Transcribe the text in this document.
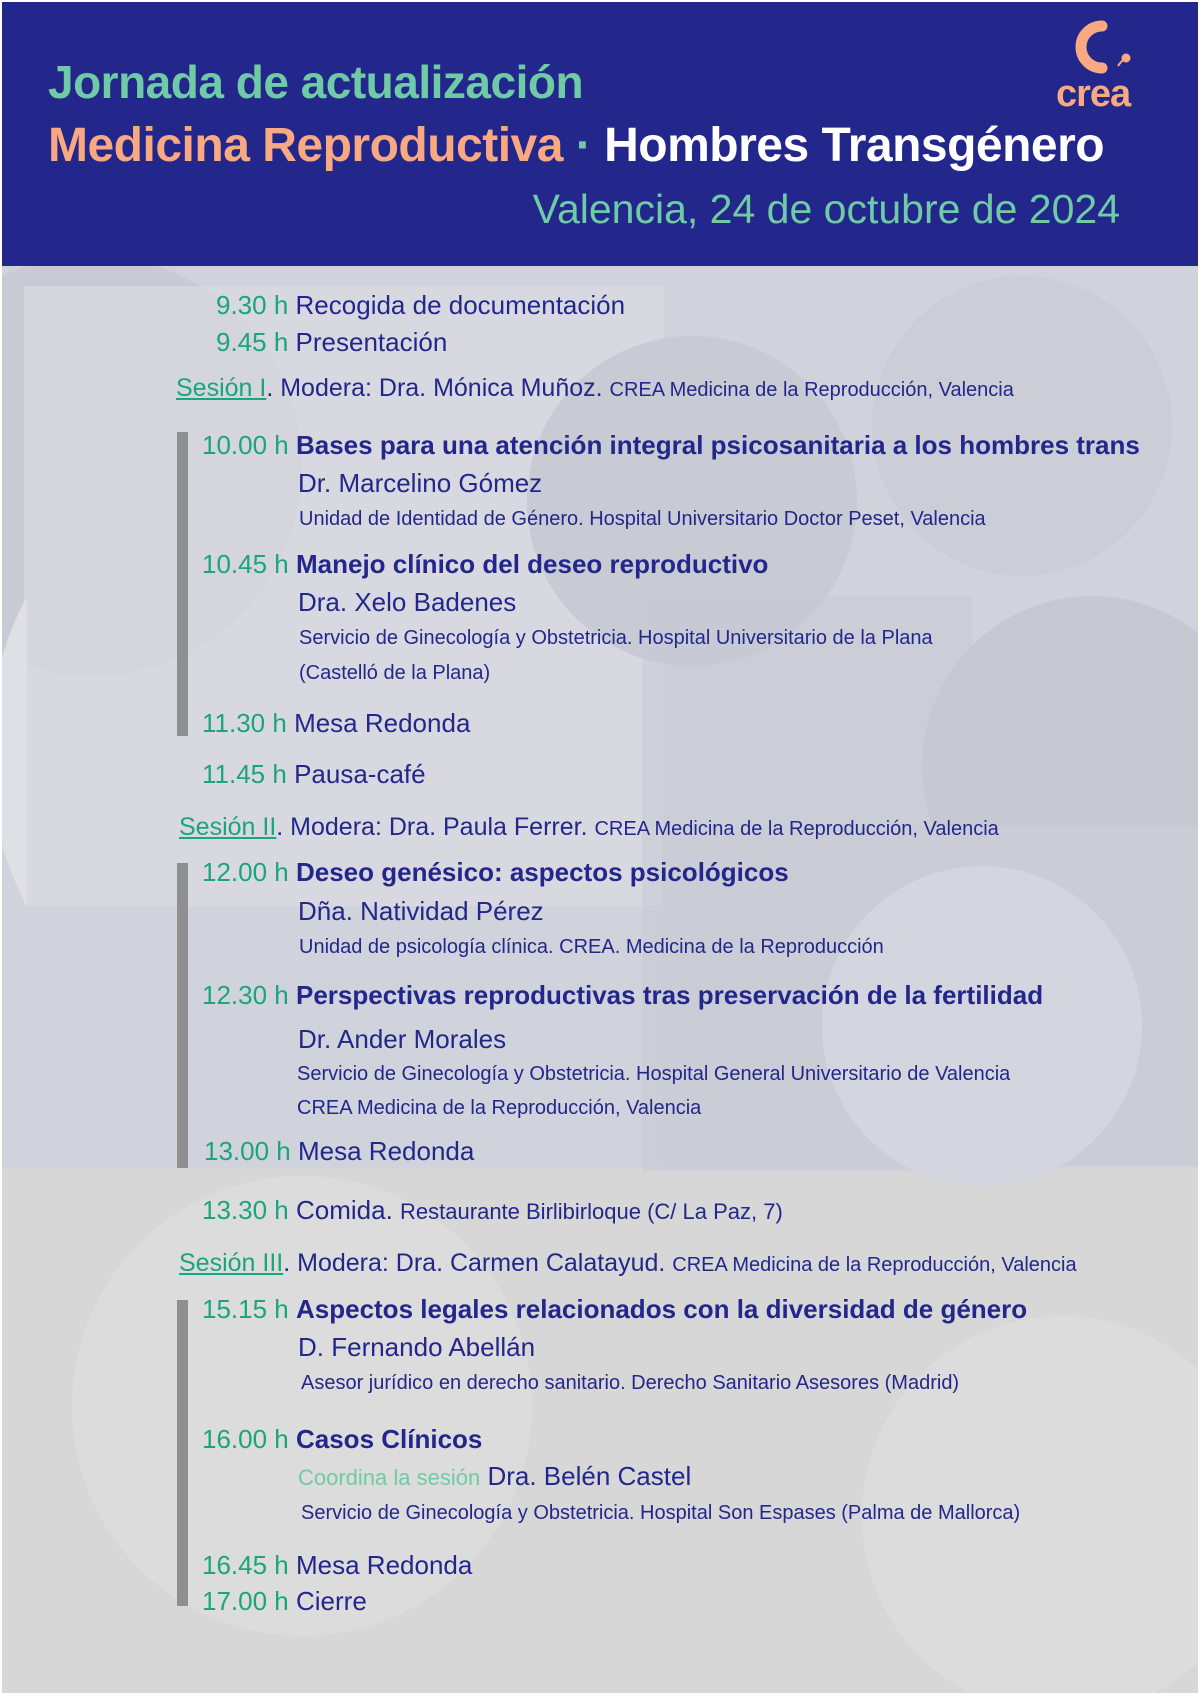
Jornada de actualización
Medicina Reproductiva · Hombres Transgénero
Valencia, 24 de octubre de 2024
crea
9.30 h Recogida de documentación
9.45 h Presentación
Sesión I. Modera: Dra. Mónica Muñoz. CREA Medicina de la Reproducción, Valencia
10.00 h Bases para una atención integral psicosanitaria a los hombres trans
Dr. Marcelino Gómez
Unidad de Identidad de Género. Hospital Universitario Doctor Peset, Valencia
10.45 h Manejo clínico del deseo reproductivo
Dra. Xelo Badenes
Servicio de Ginecología y Obstetricia. Hospital Universitario de la Plana
(Castelló de la Plana)
11.30 h Mesa Redonda
11.45 h Pausa-café
Sesión II. Modera: Dra. Paula Ferrer. CREA Medicina de la Reproducción, Valencia
12.00 h Deseo genésico: aspectos psicológicos
Dña. Natividad Pérez
Unidad de psicología clínica. CREA. Medicina de la Reproducción
12.30 h Perspectivas reproductivas tras preservación de la fertilidad
Dr. Ander Morales
Servicio de Ginecología y Obstetricia. Hospital General Universitario de Valencia
CREA Medicina de la Reproducción, Valencia
13.00 h Mesa Redonda
13.30 h Comida. Restaurante Birlibirloque (C/ La Paz, 7)
Sesión III. Modera: Dra. Carmen Calatayud. CREA Medicina de la Reproducción, Valencia
15.15 h Aspectos legales relacionados con la diversidad de género
D. Fernando Abellán
Asesor jurídico en derecho sanitario. Derecho Sanitario Asesores (Madrid)
16.00 h Casos Clínicos
Coordina la sesión Dra. Belén Castel
Servicio de Ginecología y Obstetricia. Hospital Son Espases (Palma de Mallorca)
16.45 h Mesa Redonda
17.00 h Cierre
